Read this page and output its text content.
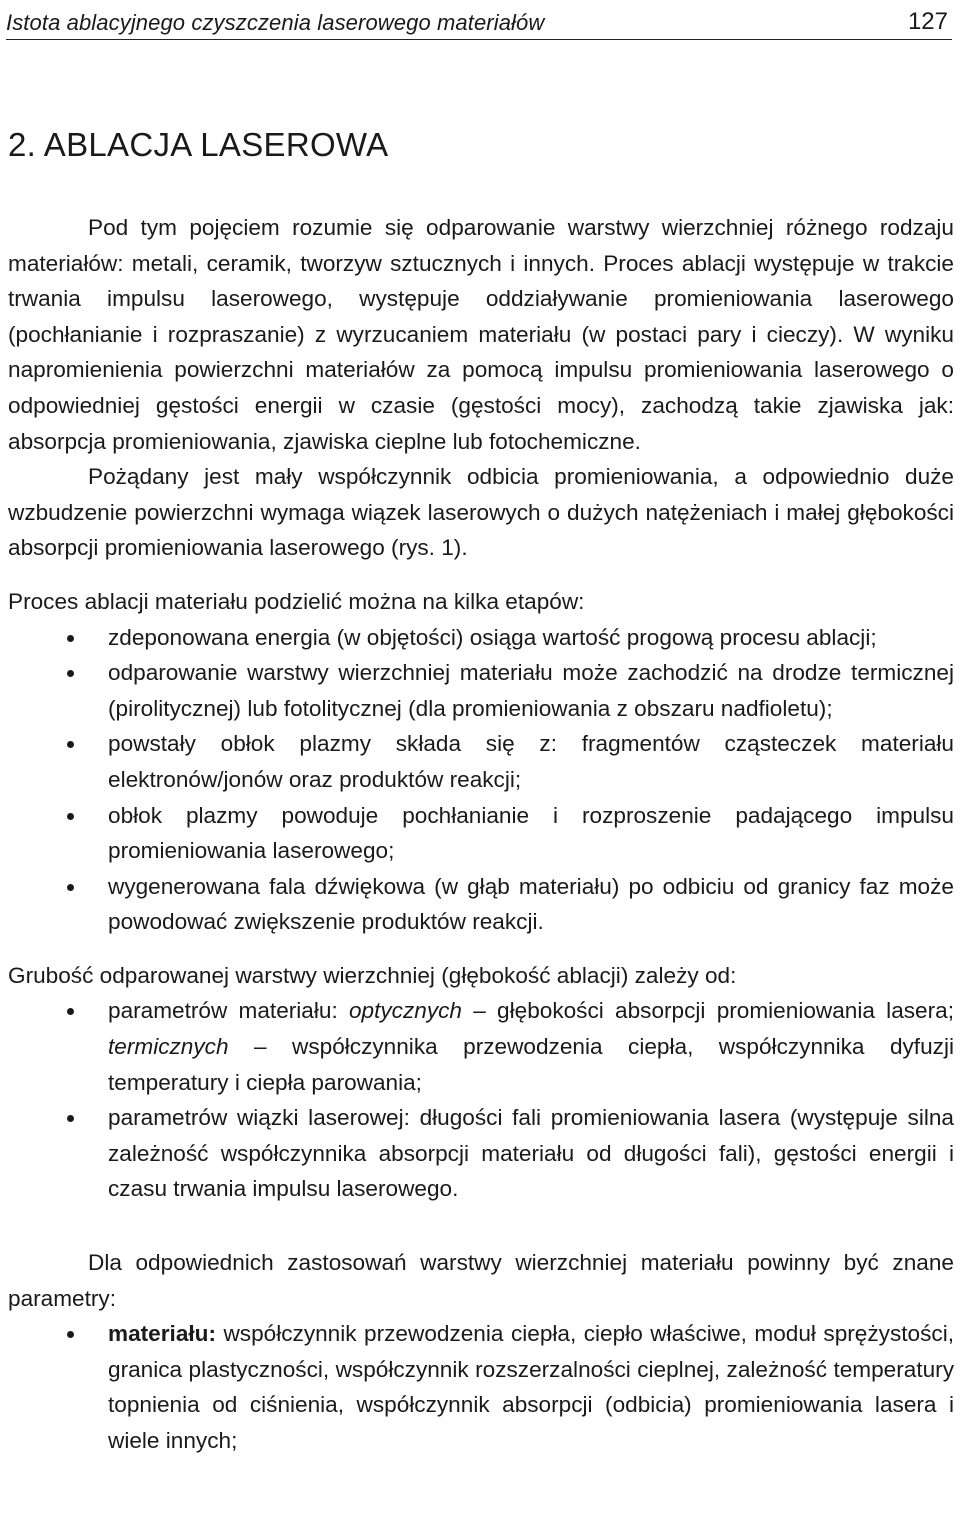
Istota ablacyjnego czyszczenia laserowego materiałów	127
2. ABLACJA LASEROWA

Pod tym pojęciem rozumie się odparowanie warstwy wierzchniej różnego rodzaju materiałów: metali, ceramik, tworzyw sztucznych i innych. Proces ablacji występuje w trakcie trwania impulsu laserowego, występuje oddziaływanie promieniowania laserowego (pochłanianie i rozpraszanie) z wyrzucaniem materiału (w postaci pary i cieczy). W wyniku napromienienia powierzchni materiałów za pomocą impulsu promieniowania laserowego o odpowiedniej gęstości energii w czasie (gęstości mocy), zachodzą takie zjawiska jak: absorpcja promieniowania, zjawiska cieplne lub fotochemiczne.

Pożądany jest mały współczynnik odbicia promieniowania, a odpowiednio duże wzbudzenie powierzchni wymaga wiązek laserowych o dużych natężeniach i małej głębokości absorpcji promieniowania laserowego (rys. 1).

Proces ablacji materiału podzielić można na kilka etapów:

zdeponowana energia (w objętości) osiąga wartość progową procesu ablacji;
odparowanie warstwy wierzchniej materiału może zachodzić na drodze termicznej (pirolitycznej) lub fotolitycznej (dla promieniowania z obszaru nadfioletu);
powstały obłok plazmy składa się z: fragmentów cząsteczek materiału elektronów/jonów oraz produktów reakcji;
obłok plazmy powoduje pochłanianie i rozproszenie padającego impulsu promieniowania laserowego;
wygenerowana fala dźwiękowa (w głąb materiału) po odbiciu od granicy faz może powodować zwiększenie produktów reakcji.

Grubość odparowanej warstwy wierzchniej (głębokość ablacji) zależy od:

parametrów materiału: optycznych – głębokości absorpcji promieniowania lasera; termicznych – współczynnika przewodzenia ciepła, współczynnika dyfuzji temperatury i ciepła parowania;
parametrów wiązki laserowej: długości fali promieniowania lasera (występuje silna zależność współczynnika absorpcji materiału od długości fali), gęstości energii i czasu trwania impulsu laserowego.

Dla odpowiednich zastosowań warstwy wierzchniej materiału powinny być znane parametry:

materiału: współczynnik przewodzenia ciepła, ciepło właściwe, moduł sprężystości, granica plastyczności, współczynnik rozszerzalności cieplnej, zależność temperatury topnienia od ciśnienia, współczynnik absorpcji (odbicia) promieniowania lasera i wiele innych;
